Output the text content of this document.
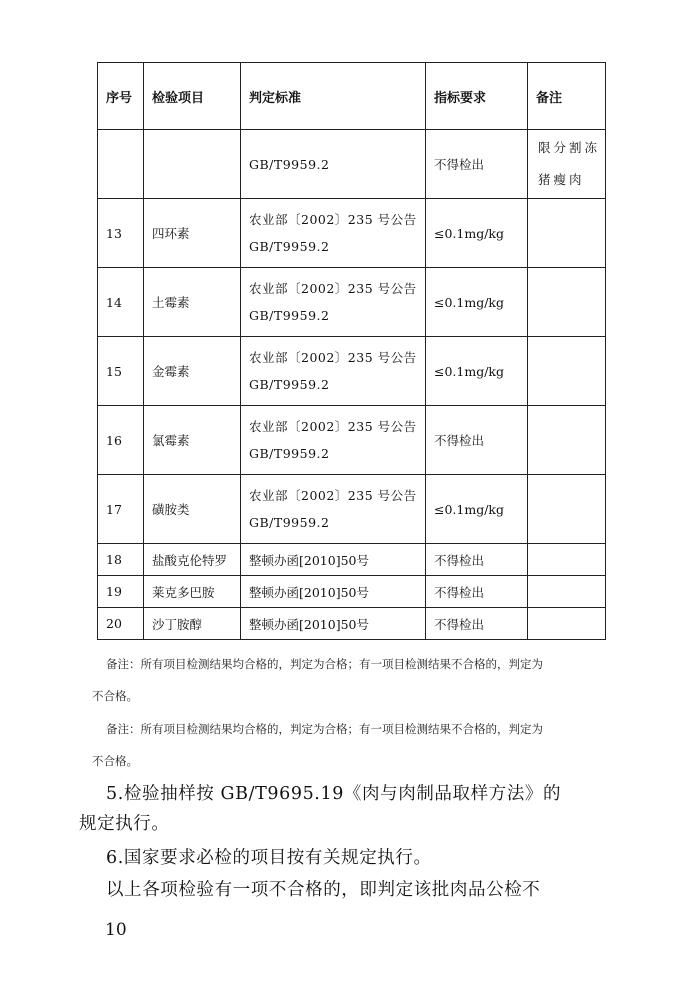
序号	检验项目	判定标准	指标要求	备注

		GB/T9959.2	不得检出	限分割冻
猪瘦肉

13	四环素	农业部〔2002〕235 号公告
GB/T9959.2	≤0.1mg/kg	
14	土霉素	农业部〔2002〕235 号公告
GB/T9959.2	≤0.1mg/kg	
15	金霉素	农业部〔2002〕235 号公告
GB/T9959.2	≤0.1mg/kg	
16	氯霉素	农业部〔2002〕235 号公告
GB/T9959.2	不得检出	
17	磺胺类	农业部〔2002〕235 号公告
GB/T9959.2	≤0.1mg/kg	
18	盐酸克伦特罗	整顿办函[2010]50号	不得检出	
19	莱克多巴胺	整顿办函[2010]50号	不得检出	
20	沙丁胺醇	整顿办函[2010]50号	不得检出	
备注：所有项目检测结果均合格的，判定为合格；有一项目检测结果不合格的，判定为
不合格。
备注：所有项目检测结果均合格的，判定为合格；有一项目检测结果不合格的，判定为
不合格。
5.检验抽样按 GB/T9695.19《肉与肉制品取样方法》的
规定执行。
6.国家要求必检的项目按有关规定执行。
以上各项检验有一项不合格的，即判定该批肉品公检不
10
